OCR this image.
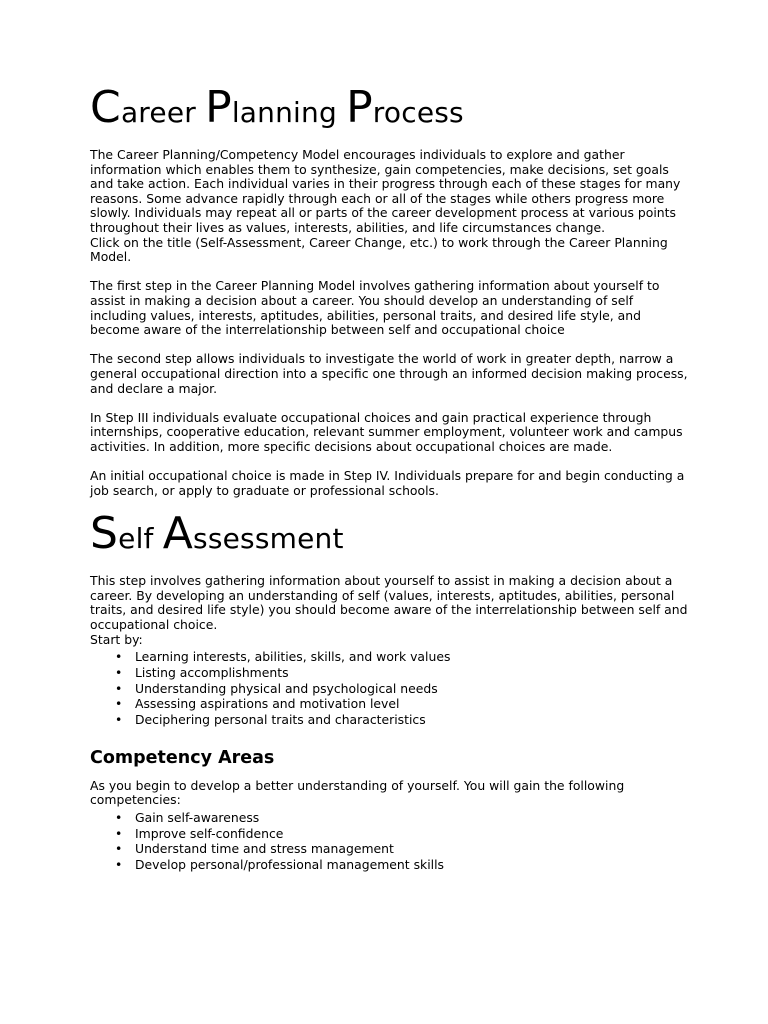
Career Planning Process

The Career Planning/Competency Model encourages individuals to explore and gather information which enables them to synthesize, gain competencies, make decisions, set goals and take action. Each individual varies in their progress through each of these stages for many reasons. Some advance rapidly through each or all of the stages while others progress more slowly. Individuals may repeat all or parts of the career development process at various points throughout their lives as values, interests, abilities, and life circumstances change.

Click on the title (Self-Assessment, Career Change, etc.) to work through the Career Planning Model.

The first step in the Career Planning Model involves gathering information about yourself to assist in making a decision about a career. You should develop an understanding of self including values, interests, aptitudes, abilities, personal traits, and desired life style, and become aware of the interrelationship between self and occupational choice

The second step allows individuals to investigate the world of work in greater depth, narrow a general occupational direction into a specific one through an informed decision making process, and declare a major.

In Step III individuals evaluate occupational choices and gain practical experience through internships, cooperative education, relevant summer employment, volunteer work and campus activities. In addition, more specific decisions about occupational choices are made.

An initial occupational choice is made in Step IV. Individuals prepare for and begin conducting a job search, or apply to graduate or professional schools.

Self Assessment

This step involves gathering information about yourself to assist in making a decision about a career. By developing an understanding of self (values, interests, aptitudes, abilities, personal traits, and desired life style) you should become aware of the interrelationship between self and occupational choice.

Start by:

• Learning interests, abilities, skills, and work values
• Listing accomplishments
• Understanding physical and psychological needs
• Assessing aspirations and motivation level
• Deciphering personal traits and characteristics
Competency Areas

As you begin to develop a better understanding of yourself. You will gain the following competencies:

• Gain self-awareness
• Improve self-confidence
• Understand time and stress management
• Develop personal/professional management skills
